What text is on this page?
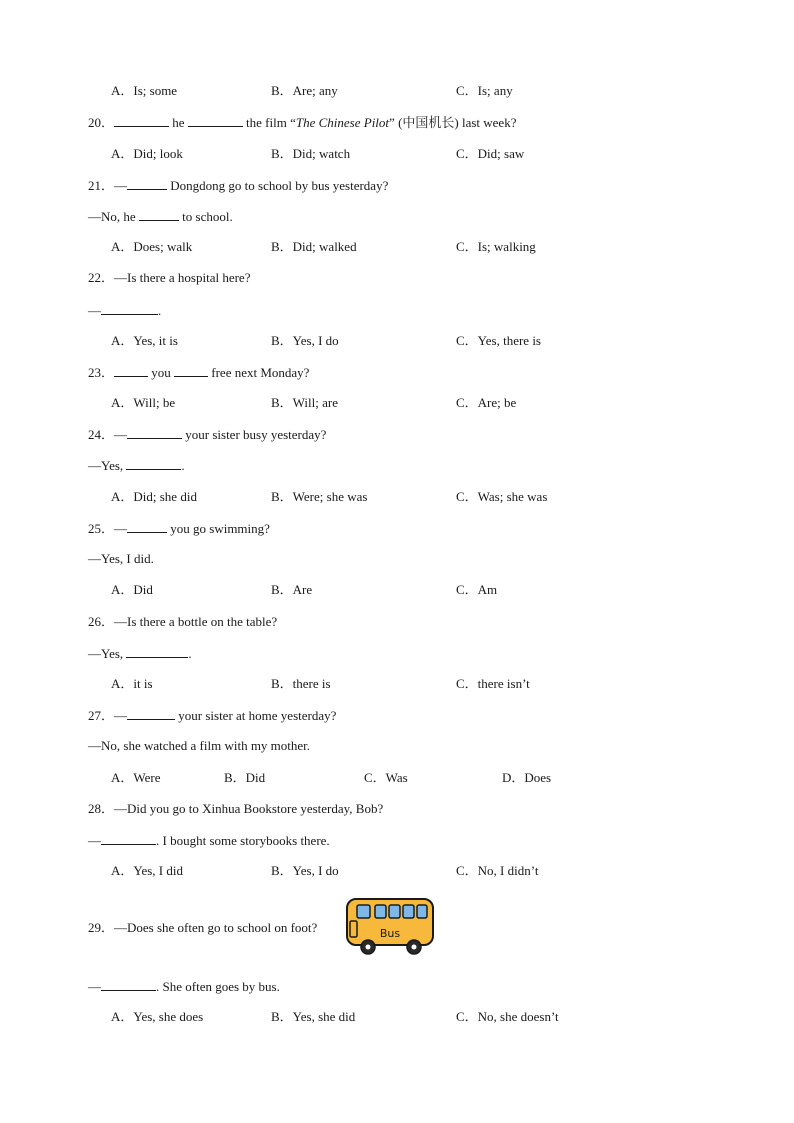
A．Is; some	B．Are; any	C．Is; any
20．	he	the film “The Chinese Pilot” (中国机长) last week?
A．Did; look	B．Did; watch	C．Did; saw
21．—	Dongdong go to school by bus yesterday?
—No, he	to school.
A．Does; walk	B．Did; walked	C．Is; walking
22．—Is there a hospital here?
—	.
A．Yes, it is	B．Yes, I do	C．Yes, there is
23．	you	free next Monday?
A．Will; be	B．Will; are	C．Are; be
24．—	your sister busy yesterday?
—Yes,	.
A．Did; she did	B．Were; she was	C．Was; she was
25．—	you go swimming?
—Yes, I did.
A．Did	B．Are	C．Am
26．—Is there a bottle on the table?
—Yes,	.
A．it is	B．there is	C．there isn’t
27．—	your sister at home yesterday?
—No, she watched a film with my mother.
A．Were	B．Did	C．Was	D．Does
28．—Did you go to Xinhua Bookstore yesterday, Bob?
—	. I bought some storybooks there.
A．Yes, I did	B．Yes, I do	C．No, I didn’t
29．—Does she often go to school on foot?	Bus
—	. She often goes by bus.
A．Yes, she does	B．Yes, she did	C．No, she doesn’t
